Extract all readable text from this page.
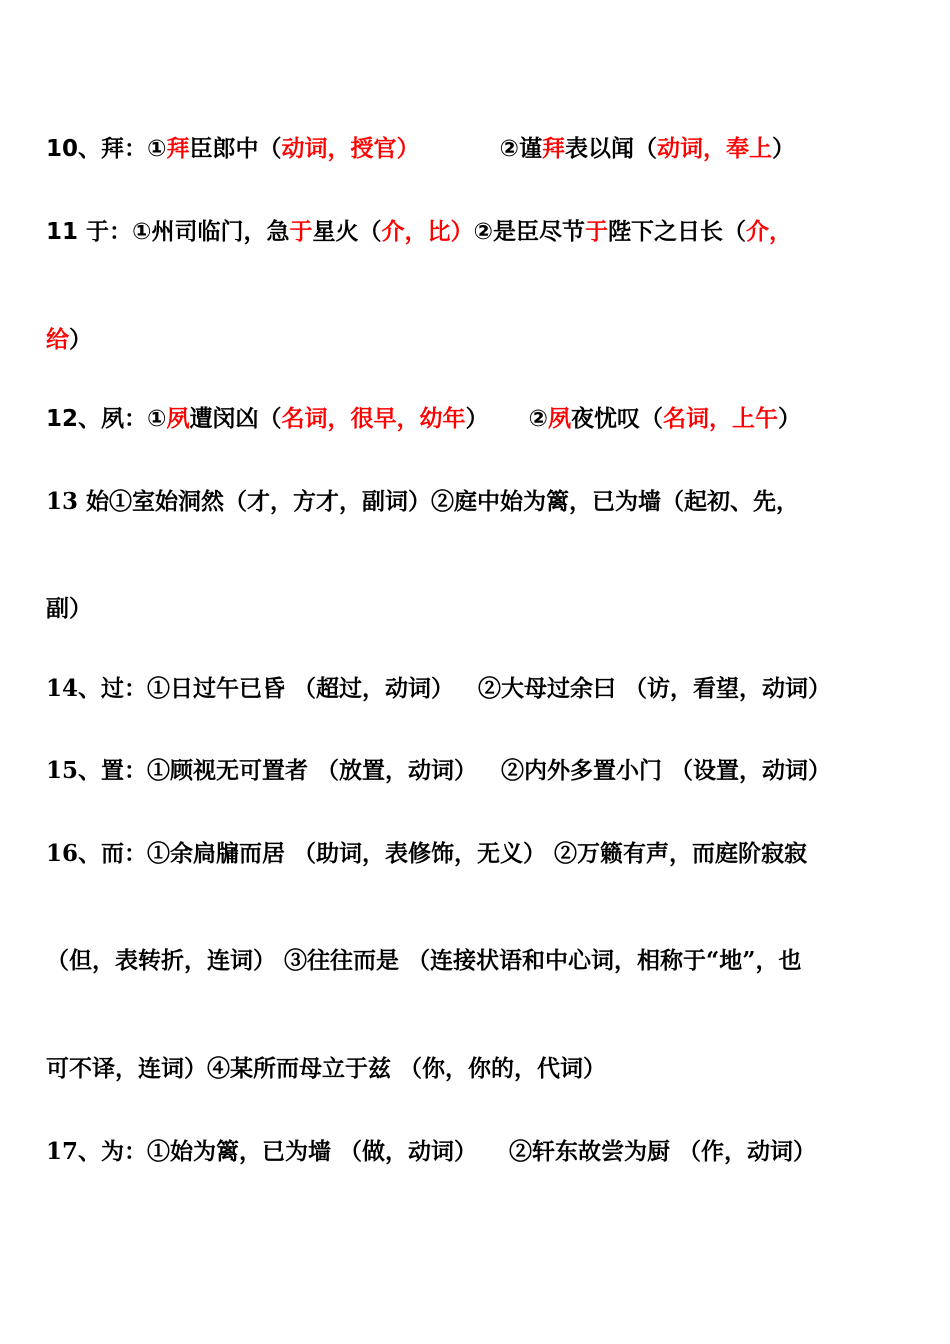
10、拜：①拜臣郎中（动词，授官）          ②谨拜表以闻（动词，奉上）
11 于：①州司临门，急于星火（介，比）②是臣尽节于陛下之日长（介，
给）
12、夙：①夙遭闵凶（名词，很早，幼年）     ②夙夜忧叹（名词，上午）
13 始①室始洞然（才，方才，副词）②庭中始为篱，已为墙（起初、先，
副）
14、过：①日过午已昏 （超过，动词）   ②大母过余曰 （访，看望，动词）
15、置：①顾视无可置者 （放置，动词）   ②内外多置小门 （设置，动词）
16、而：①余扃牖而居 （助词，表修饰，无义） ②万籁有声，而庭阶寂寂
（但，表转折，连词） ③往往而是 （连接状语和中心词，相称于“地”，也
可不译，连词）④某所而母立于兹 （你，你的，代词）
17、为：①始为篱，已为墙 （做，动词）    ②轩东故尝为厨 （作，动词）
